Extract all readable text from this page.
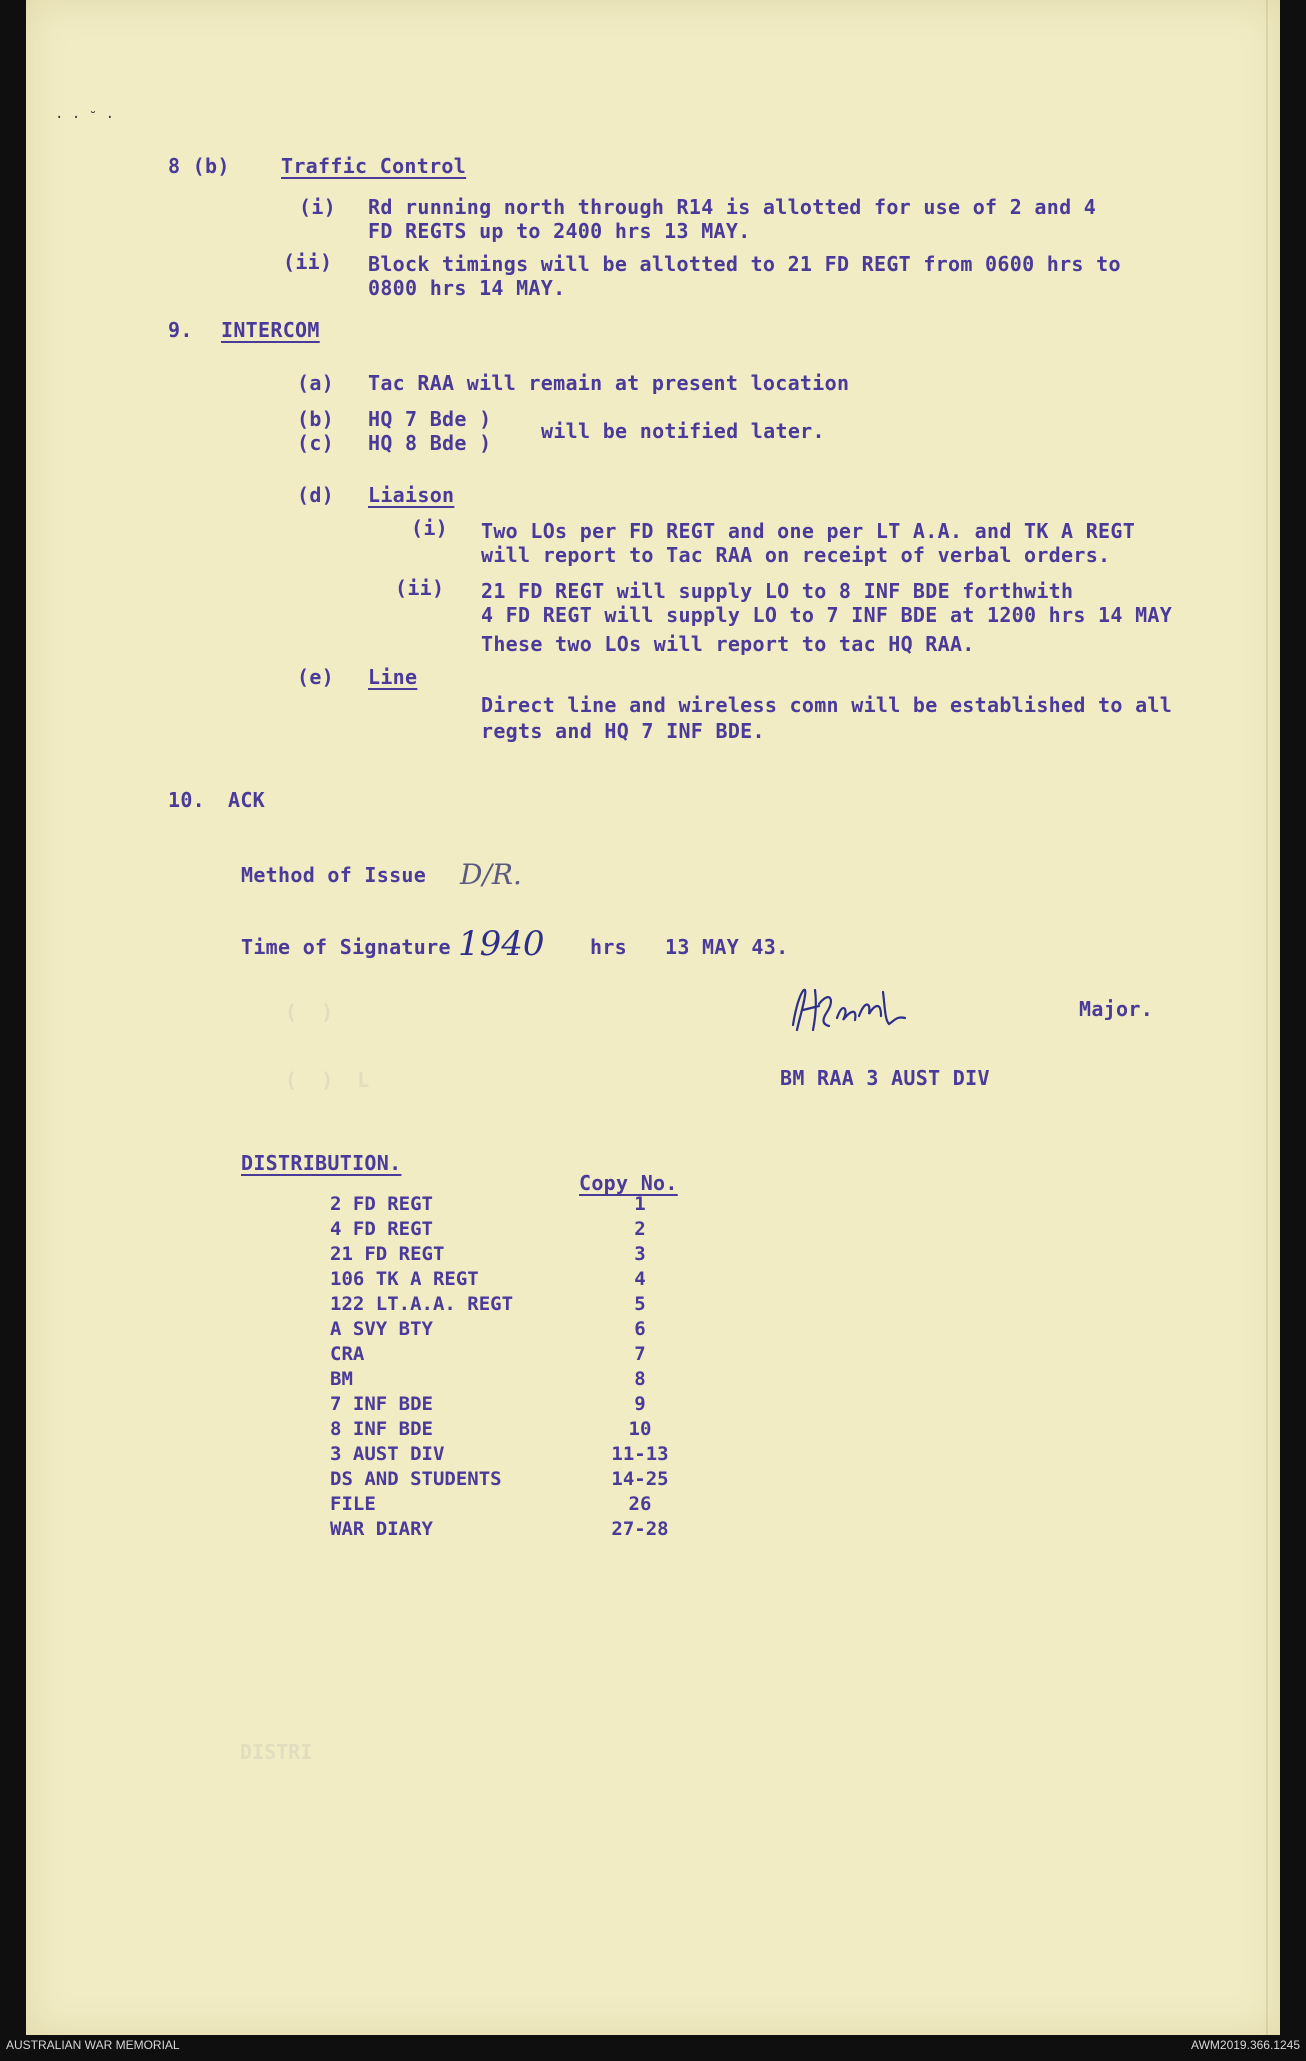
· · ˘ ·
8 (b)	Traffic Control
(i) Rd running north through R14 is allotted for use of 2 and 4
FD REGTS up to 2400 hrs 13 MAY.
(ii) Block timings will be allotted to 21 FD REGT from 0600 hrs to
0800 hrs 14 MAY.
9. INTERCOM
(a) Tac RAA will remain at present location
(b) HQ 7 Bde )
(c) HQ 8 Bde ) will be notified later.
(d) Liaison
(i) Two LOs per FD REGT and one per LT A.A. and TK A REGT
will report to Tac RAA on receipt of verbal orders.
(ii) 21 FD REGT will supply LO to 8 INF BDE forthwith
4 FD REGT will supply LO to 7 INF BDE at 1200 hrs 14 MAY
These two LOs will report to tac HQ RAA.
(e) Line
Direct line and wireless comn will be established to all
regts and HQ 7 INF BDE.
10. ACK
Method of Issue D/R.
Time of Signature 1940 hrs 13 MAY 43.
Major.
BM RAA 3 AUST DIV
DISTRIBUTION.
Copy No.
2 FD REGT	1
4 FD REGT	2
21 FD REGT	3
106 TK A REGT	4
122 LT.A.A. REGT	5
A SVY BTY	6
CRA	7
BM	8
7 INF BDE	9
8 INF BDE	10
3 AUST DIV	11-13
DS AND STUDENTS	14-25
FILE	26
WAR DIARY	27-28
(  )
(  )  L
DISTRI
AUSTRALIAN WAR MEMORIAL	AWM2019.366.1245
